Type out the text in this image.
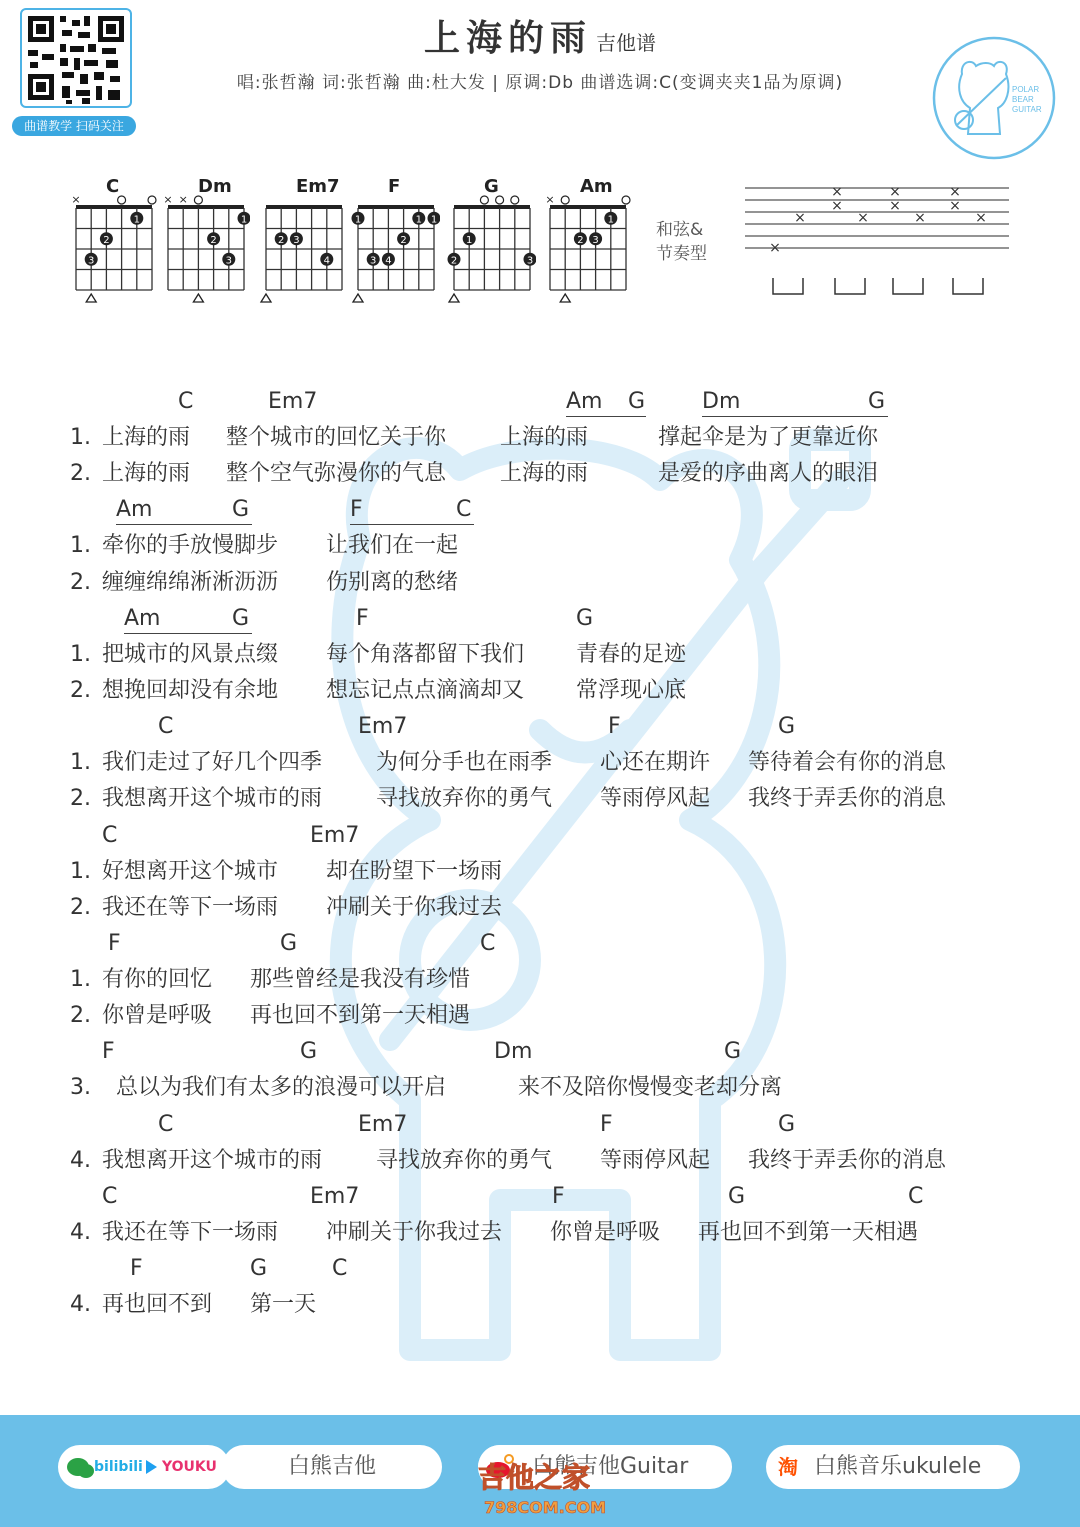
曲谱教学 扫码关注
上海的雨 吉他谱
唱:张哲瀚 词:张哲瀚 曲:杜大发 | 原调:Db 曲谱选调:C(变调夹夹1品为原调)	POLAR
BEAR
GUITAR
C
×
1
2
3
Dm
× ×
1
2
3
Em7
2 3
4
F
1	1 1
2
3 4
G
1
2	3
Am
×
1
2 3
和弦&
节奏型	×
×
×
×
×
×
×
×
×
×
×
C	Em7	Am G	Dm	G
1. 上海的雨 整个城市的回忆关于你 上海的雨	撑起伞是为了更靠近你
2. 上海的雨 整个空气弥漫你的气息 上海的雨	是爱的序曲离人的眼泪
Am	G	F	C
1. 牵你的手放慢脚步 让我们在一起
2. 缠缠绵绵淅淅沥沥 伤别离的愁绪
Am	G	F	G
1. 把城市的风景点缀 每个角落都留下我们 青春的足迹
2. 想挽回却没有余地 想忘记点点滴滴却又 常浮现心底
C	Em7	F	G
1. 我们走过了好几个四季 为何分手也在雨季 心还在期许 等待着会有你的消息
2. 我想离开这个城市的雨 寻找放弃你的勇气 等雨停风起 我终于弄丢你的消息
C	Em7
1. 好想离开这个城市 却在盼望下一场雨
2. 我还在等下一场雨 冲刷关于你我过去
F	G	C
1. 有你的回忆 那些曾经是我没有珍惜
2. 你曾是呼吸 再也回不到第一天相遇
F	G	Dm	G
3. 总以为我们有太多的浪漫可以开启	来不及陪你慢慢变老却分离
C	Em7	F	G
4. 我想离开这个城市的雨 寻找放弃你的勇气 等雨停风起 我终于弄丢你的消息
C	Em7	F	G	C
4. 我还在等下一场雨 冲刷关于你我过去 你曾是呼吸 再也回不到第一天相遇
F	G	C
4. 再也回不到 第一天
bilibili YOUKU	白熊吉他	白熊吉他Guitar	淘 白熊音乐ukulele
吉他之家
798COM.COM
